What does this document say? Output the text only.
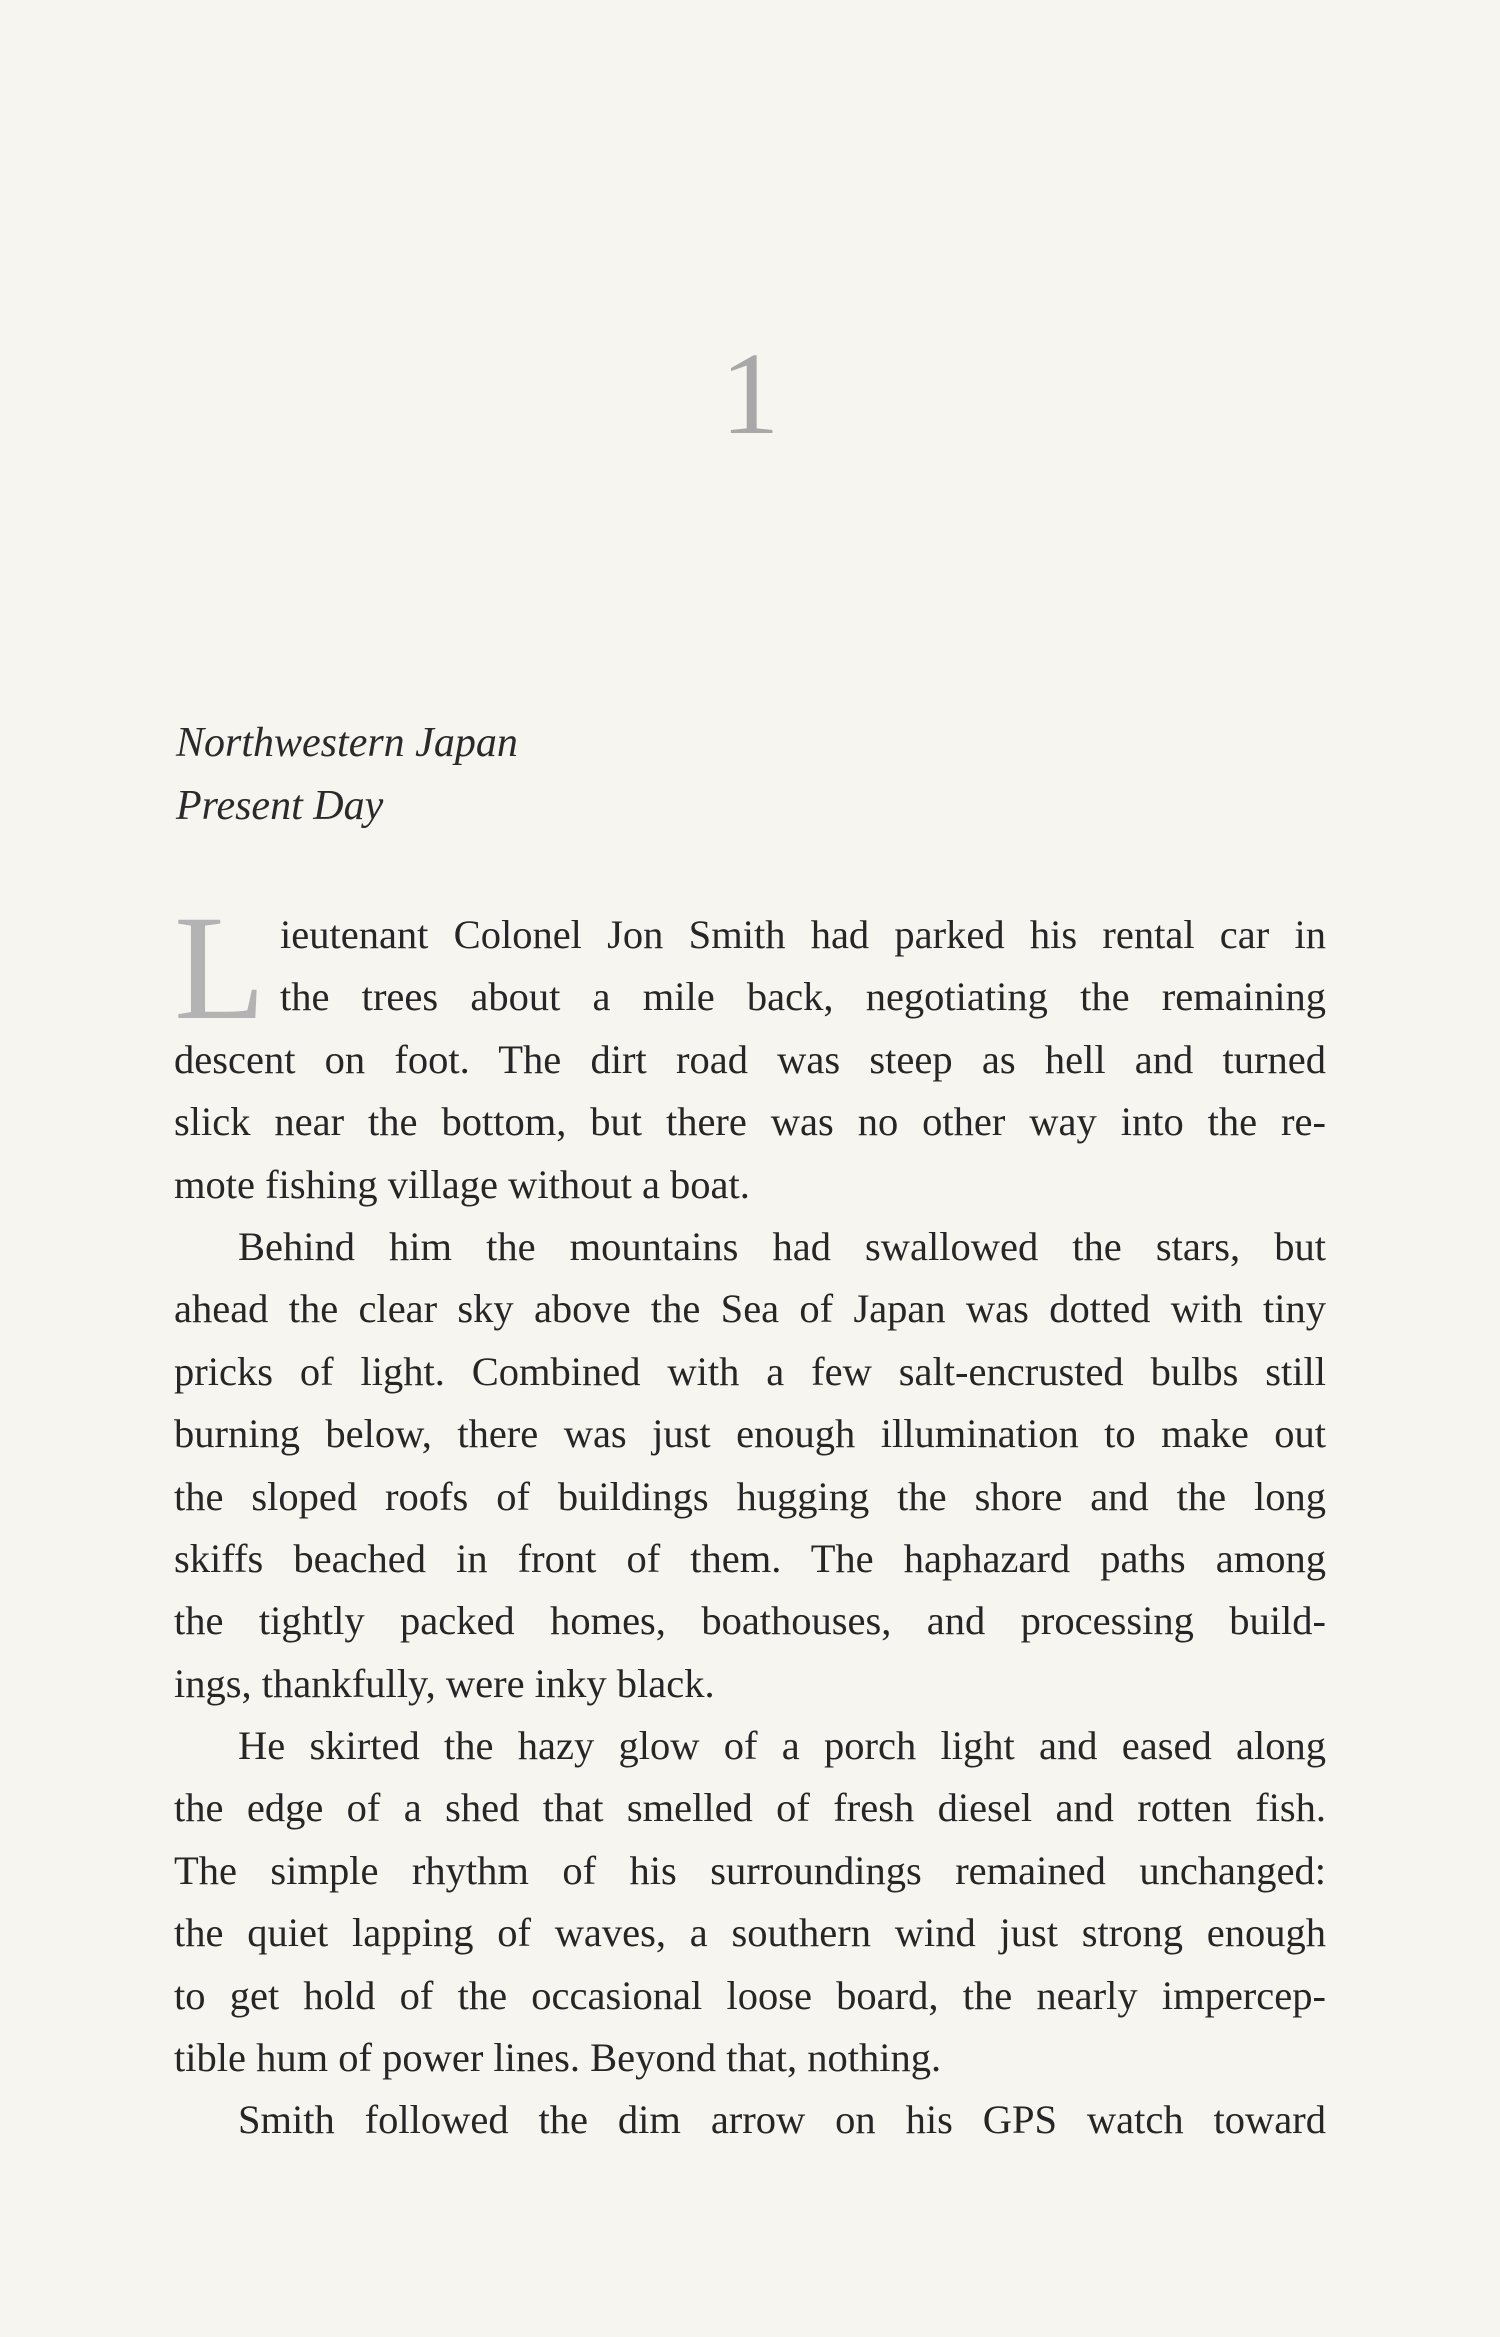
1
Northwestern Japan
Present Day
L ieutenant Colonel Jon Smith had parked his rental car in
the trees about a mile back, negotiating the remaining
descent on foot. The dirt road was steep as hell and turned
slick near the bottom, but there was no other way into the re-
mote fishing village without a boat.
Behind him the mountains had swallowed the stars, but
ahead the clear sky above the Sea of Japan was dotted with tiny
pricks of light. Combined with a few salt-encrusted bulbs still
burning below, there was just enough illumination to make out
the sloped roofs of buildings hugging the shore and the long
skiffs beached in front of them. The haphazard paths among
the tightly packed homes, boathouses, and processing build-
ings, thankfully, were inky black.
He skirted the hazy glow of a porch light and eased along
the edge of a shed that smelled of fresh diesel and rotten fish.
The simple rhythm of his surroundings remained unchanged:
the quiet lapping of waves, a southern wind just strong enough
to get hold of the occasional loose board, the nearly impercep-
tible hum of power lines. Beyond that, nothing.
Smith followed the dim arrow on his GPS watch toward
